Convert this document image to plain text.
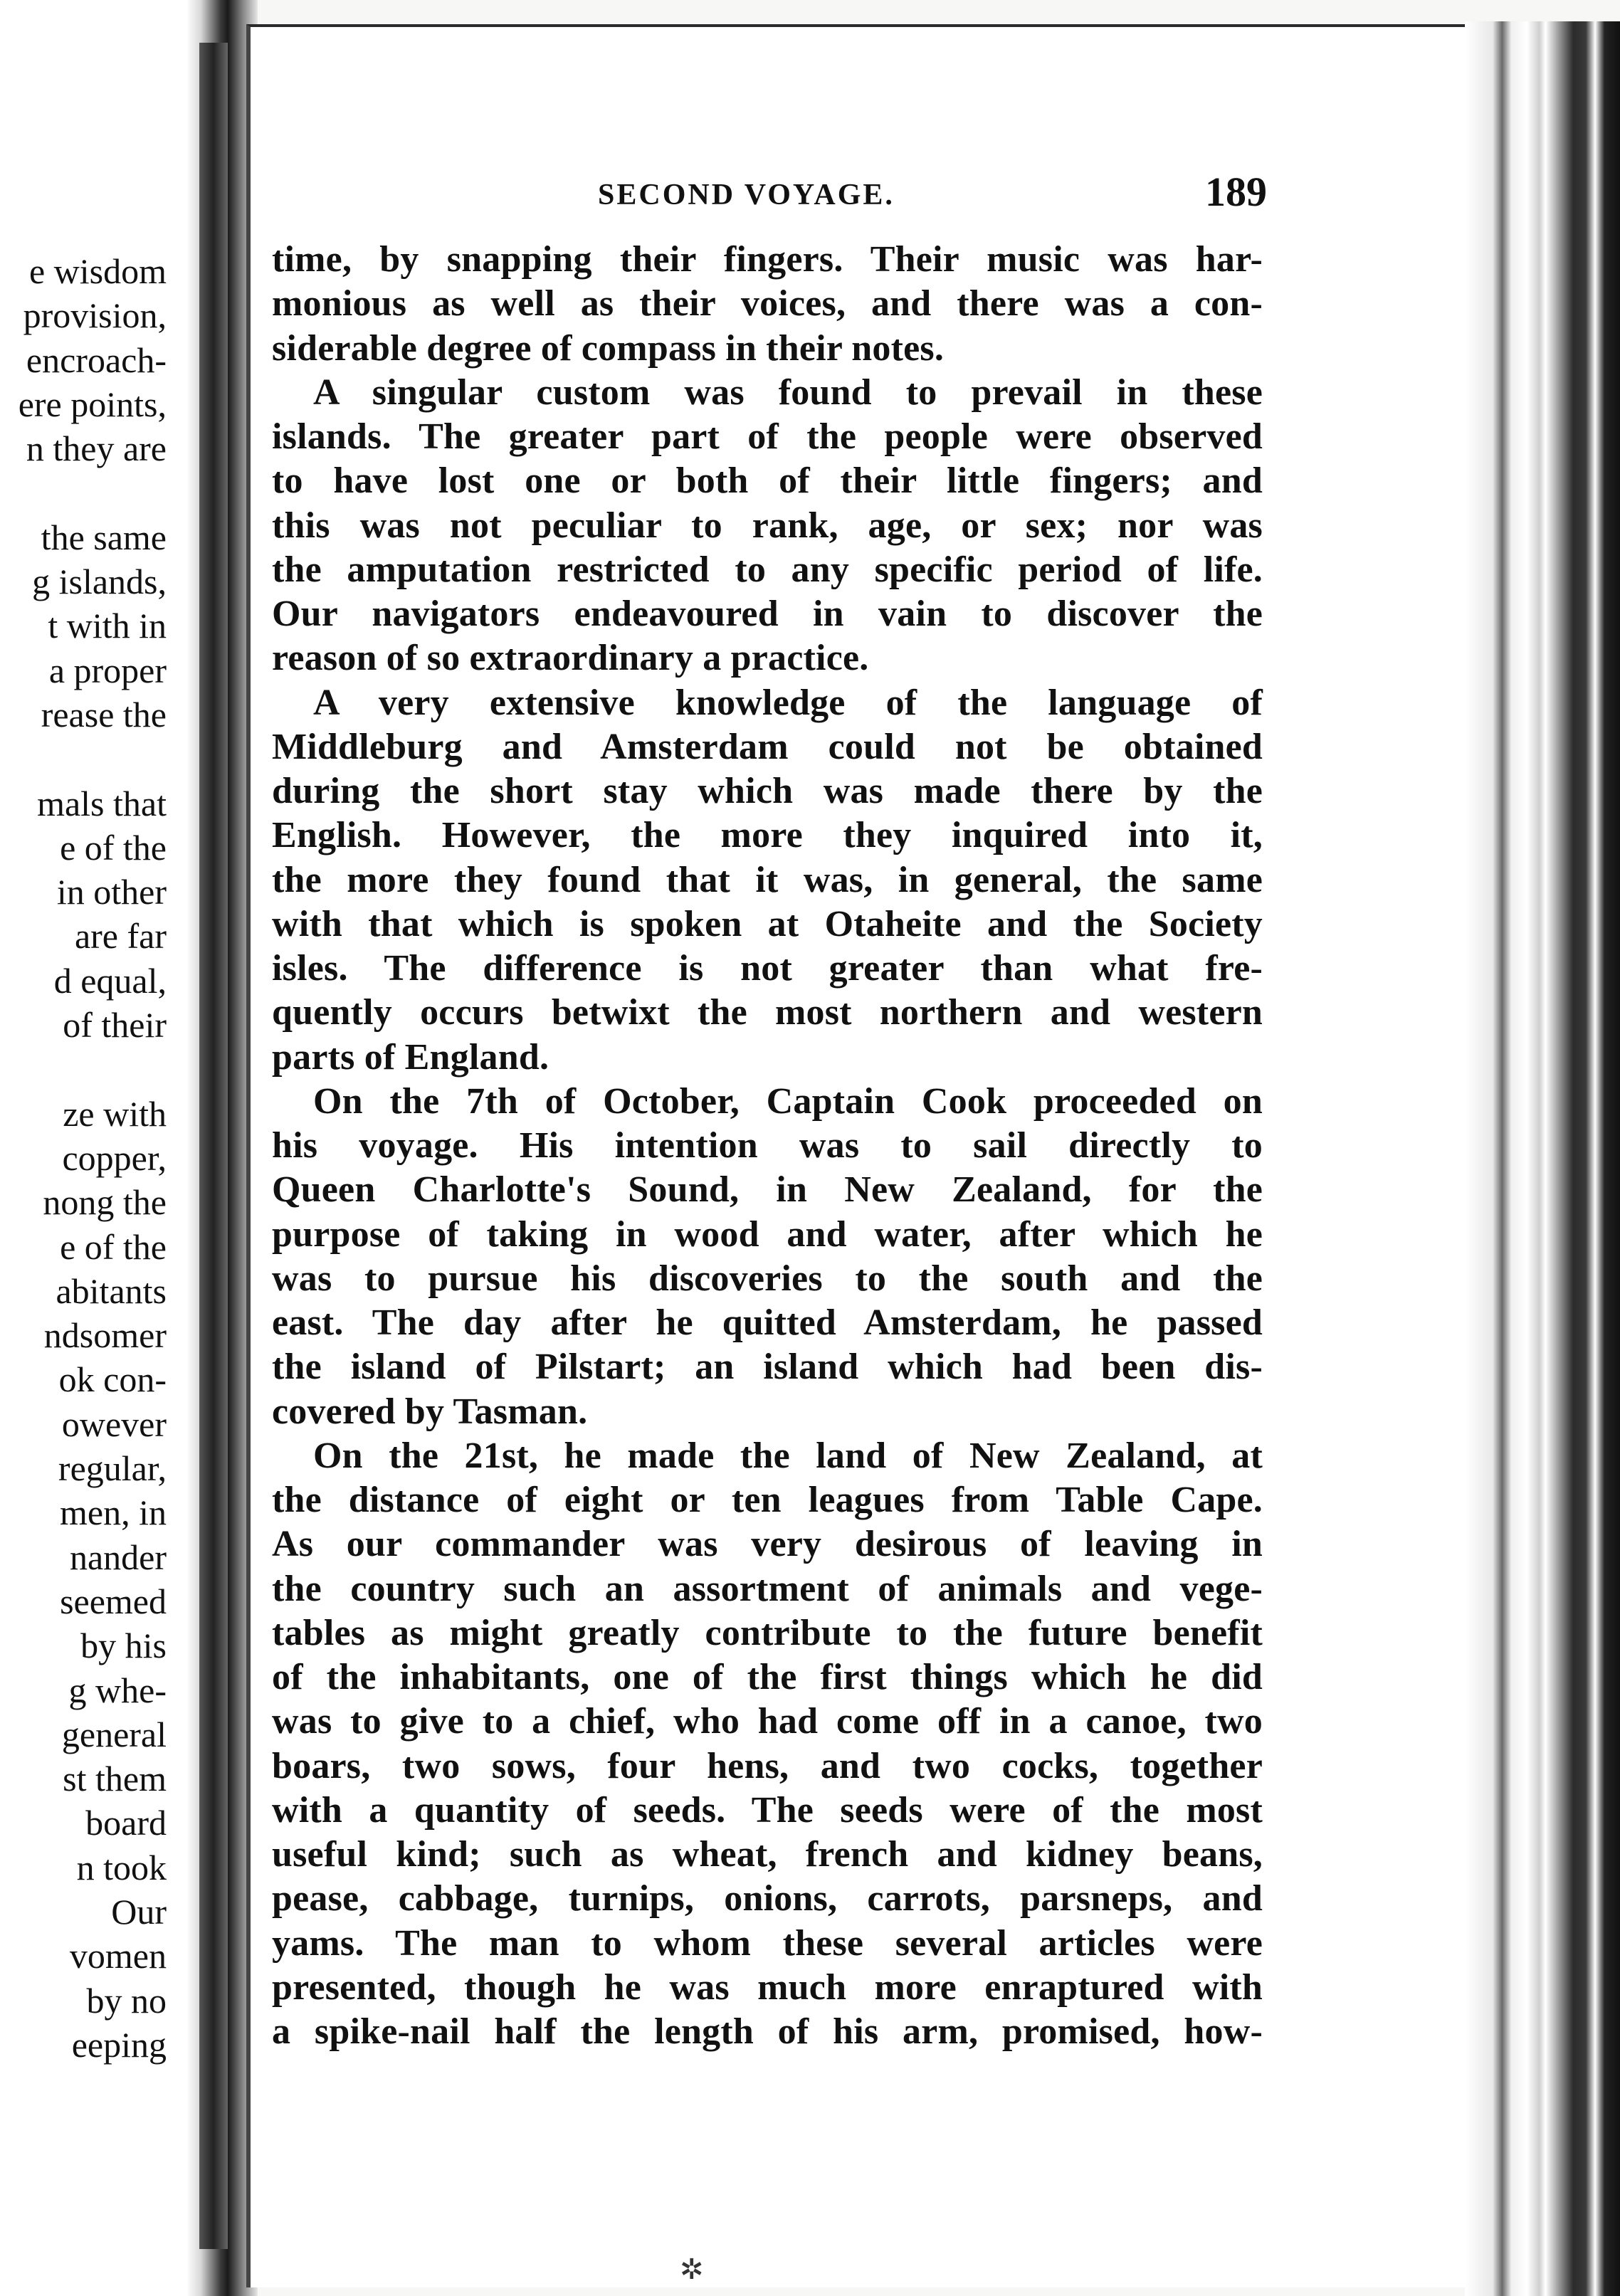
e wisdom
provision,
encroach-
ere points,
n they are
the same
g islands,
t with in
a proper
rease the
mals that
e of the
in other
are far
d equal,
of their
ze with
copper,
nong the
e of the
abitants
ndsomer
ok con-
owever
regular,
men, in
nander
seemed
by his
g whe-
general
st them
board
n took
Our
vomen
by no
eeping
SECOND VOYAGE.	189
time, by snapping their fingers. Their music was har-
monious as well as their voices, and there was a con-
siderable degree of compass in their notes.
A singular custom was found to prevail in these
islands. The greater part of the people were observed
to have lost one or both of their little fingers; and
this was not peculiar to rank, age, or sex; nor was
the amputation restricted to any specific period of life.
Our navigators endeavoured in vain to discover the
reason of so extraordinary a practice.
A very extensive knowledge of the language of
Middleburg and Amsterdam could not be obtained
during the short stay which was made there by the
English. However, the more they inquired into it,
the more they found that it was, in general, the same
with that which is spoken at Otaheite and the Society
isles. The difference is not greater than what fre-
quently occurs betwixt the most northern and western
parts of England.
On the 7th of October, Captain Cook proceeded on
his voyage. His intention was to sail directly to
Queen Charlotte's Sound, in New Zealand, for the
purpose of taking in wood and water, after which he
was to pursue his discoveries to the south and the
east. The day after he quitted Amsterdam, he passed
the island of Pilstart; an island which had been dis-
covered by Tasman.
On the 21st, he made the land of New Zealand, at
the distance of eight or ten leagues from Table Cape.
As our commander was very desirous of leaving in
the country such an assortment of animals and vege-
tables as might greatly contribute to the future benefit
of the inhabitants, one of the first things which he did
was to give to a chief, who had come off in a canoe, two
boars, two sows, four hens, and two cocks, together
with a quantity of seeds. The seeds were of the most
useful kind; such as wheat, french and kidney beans,
pease, cabbage, turnips, onions, carrots, parsneps, and
yams. The man to whom these several articles were
presented, though he was much more enraptured with
a spike-nail half the length of his arm, promised, how-
✲
